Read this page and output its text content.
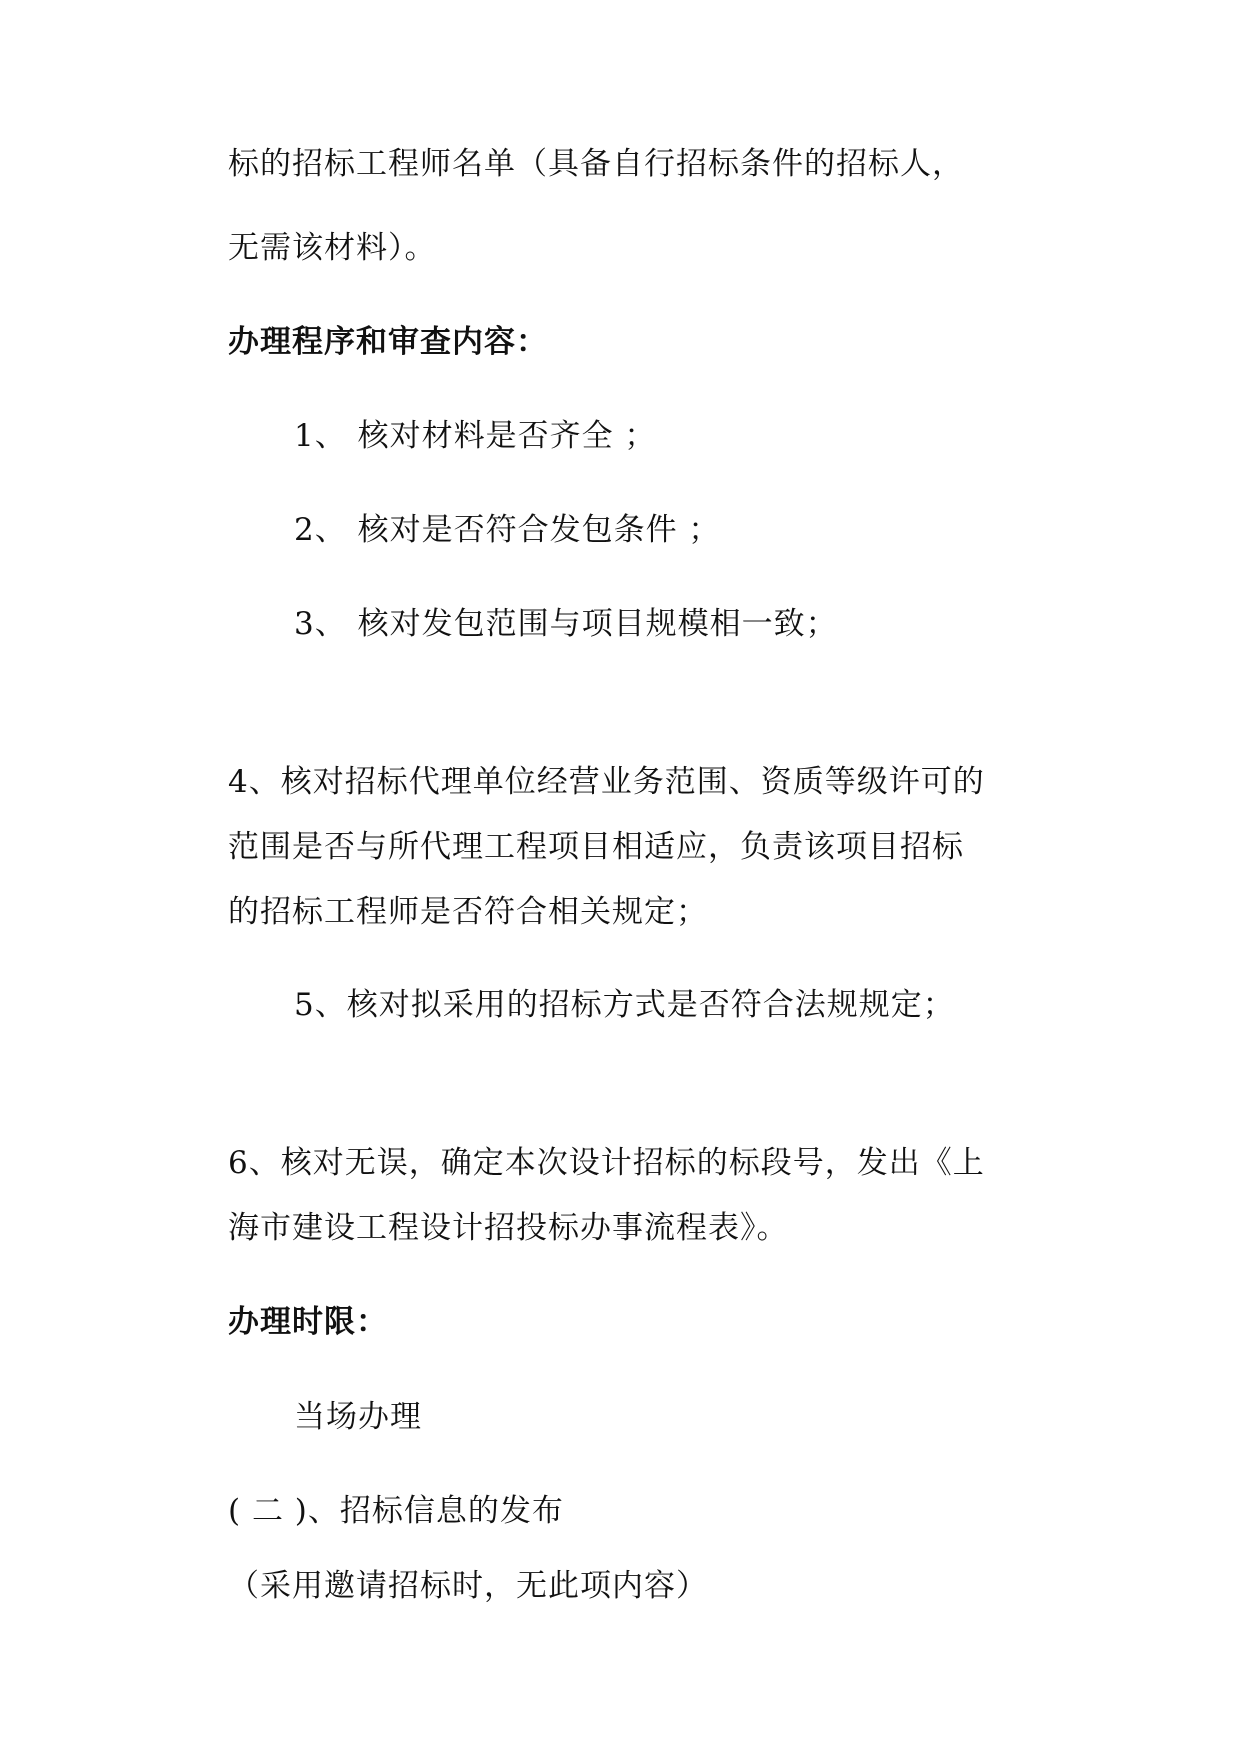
标的招标工程师名单（具备自行招标条件的招标人，
无需该材料）。
办理程序和审查内容：
1、 核对材料是否齐全 ；
2、 核对是否符合发包条件 ；
3、 核对发包范围与项目规模相一致；
4、核对招标代理单位经营业务范围、资质等级许可的
范围是否与所代理工程项目相适应，负责该项目招标
的招标工程师是否符合相关规定；
5、核对拟采用的招标方式是否符合法规规定；
6、核对无误，确定本次设计招标的标段号，发出《上
海市建设工程设计招投标办事流程表》。
办理时限：
当场办理
( 二 )、招标信息的发布
（采用邀请招标时，无此项内容）
